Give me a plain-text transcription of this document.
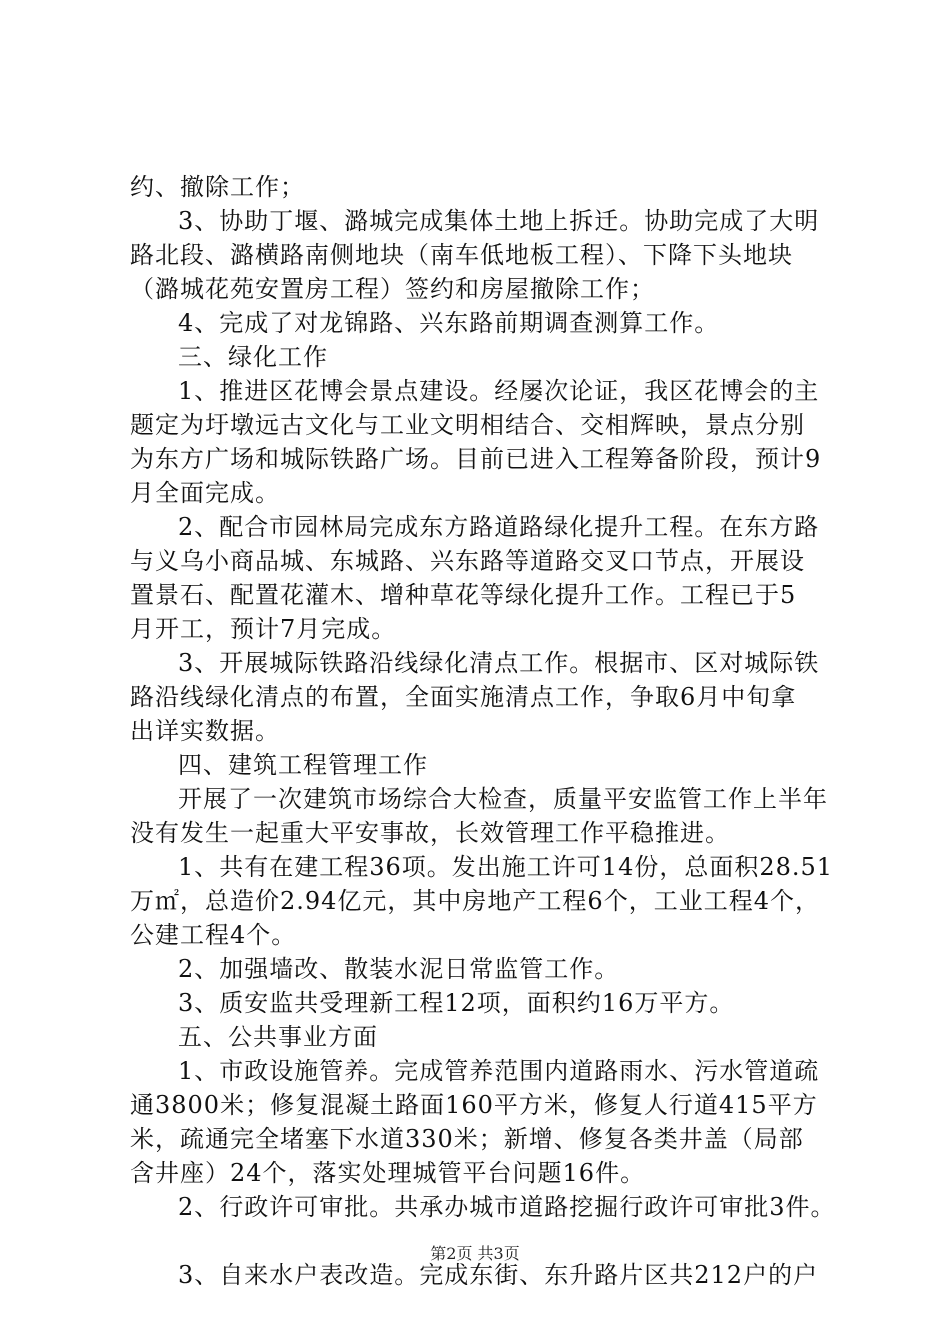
约、撤除工作；
3、协助丁堰、潞城完成集体土地上拆迁。协助完成了大明
路北段、潞横路南侧地块（南车低地板工程）、下降下头地块
（潞城花苑安置房工程）签约和房屋撤除工作；
4、完成了对龙锦路、兴东路前期调查测算工作。
三、绿化工作
1、推进区花博会景点建设。经屡次论证，我区花博会的主
题定为圩墩远古文化与工业文明相结合、交相辉映，景点分别
为东方广场和城际铁路广场。目前已进入工程筹备阶段，预计9
月全面完成。
2、配合市园林局完成东方路道路绿化提升工程。在东方路
与义乌小商品城、东城路、兴东路等道路交叉口节点，开展设
置景石、配置花灌木、增种草花等绿化提升工作。工程已于5
月开工，预计7月完成。
3、开展城际铁路沿线绿化清点工作。根据市、区对城际铁
路沿线绿化清点的布置，全面实施清点工作，争取6月中旬拿
出详实数据。
四、建筑工程管理工作
开展了一次建筑市场综合大检查，质量平安监管工作上半年
没有发生一起重大平安事故，长效管理工作平稳推进。
1、共有在建工程36项。发出施工许可14份，总面积28.51
万㎡，总造价2.94亿元，其中房地产工程6个，工业工程4个，
公建工程4个。
2、加强墙改、散装水泥日常监管工作。
3、质安监共受理新工程12项，面积约16万平方。
五、公共事业方面
1、市政设施管养。完成管养范围内道路雨水、污水管道疏
通3800米；修复混凝土路面160平方米，修复人行道415平方
米，疏通完全堵塞下水道330米；新增、修复各类井盖（局部
含井座）24个，落实处理城管平台问题16件。
2、行政许可审批。共承办城市道路挖掘行政许可审批3件。
3、自来水户表改造。完成东街、东升路片区共212户的户
第2页 共3页
